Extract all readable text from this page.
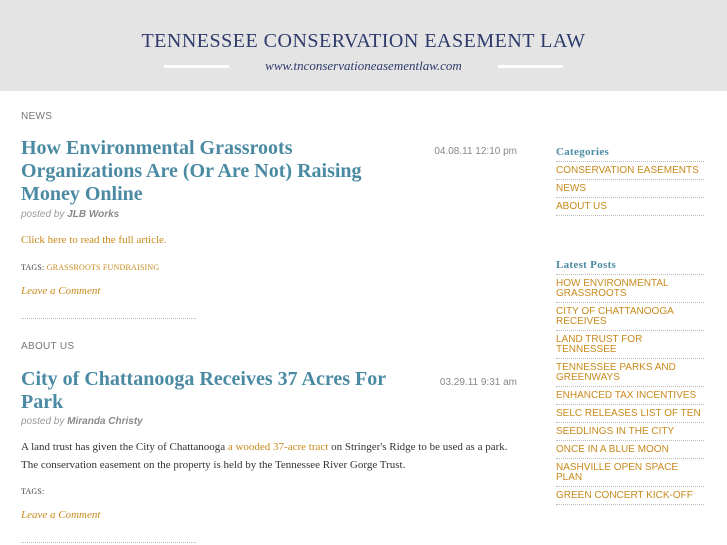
TENNESSEE CONSERVATION EASEMENT LAW
www.tnconservationeasementlaw.com
NEWS
How Environmental Grassroots Organizations Are (Or Are Not) Raising Money Online
04.08.11 12:10 pm
posted by JLB Works
Click here to read the full article.
TAGS: GRASSROOTS FUNDRAISING
Leave a Comment
ABOUT US
City of Chattanooga Receives 37 Acres For Park
03.29.11 9:31 am
posted by Miranda Christy
A land trust has given the City of Chattanooga a wooded 37-acre tract on Stringer's Ridge to be used as a park. The conservation easement on the property is held by the Tennessee River Gorge Trust.
TAGS:
Leave a Comment
Categories
CONSERVATION EASEMENTS
NEWS
ABOUT US
Latest Posts
HOW ENVIRONMENTAL GRASSROOTS
CITY OF CHATTANOOGA RECEIVES
LAND TRUST FOR TENNESSEE
TENNESSEE PARKS AND GREENWAYS
ENHANCED TAX INCENTIVES
SELC RELEASES LIST OF TEN
SEEDLINGS IN THE CITY
ONCE IN A BLUE MOON
NASHVILLE OPEN SPACE PLAN
GREEN CONCERT KICK-OFF
